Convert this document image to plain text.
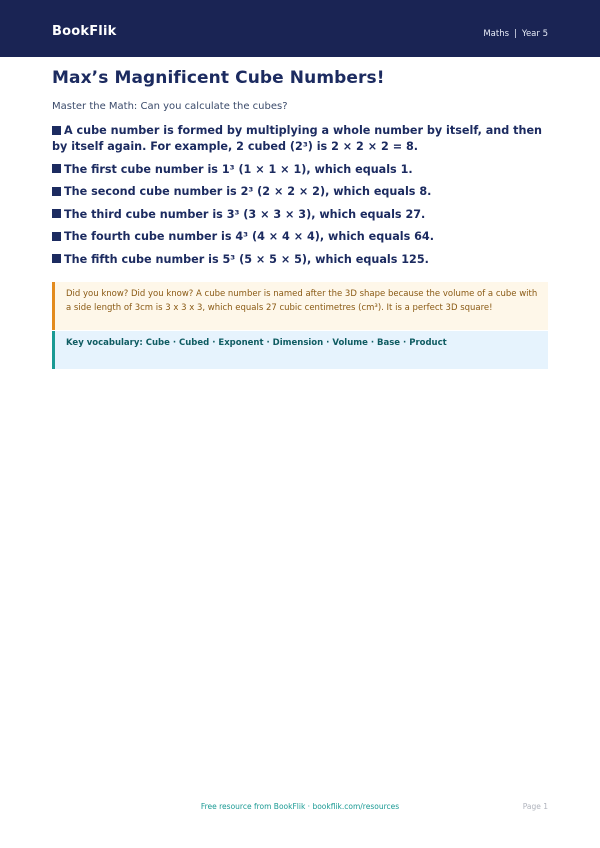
BookFlik	Maths | Year 5
Max’s Magnificent Cube Numbers!
Master the Math: Can you calculate the cubes?
A cube number is formed by multiplying a whole number by itself, and then by itself again. For example, 2 cubed (2³) is 2 × 2 × 2 = 8.
The first cube number is 1³ (1 × 1 × 1), which equals 1.
The second cube number is 2³ (2 × 2 × 2), which equals 8.
The third cube number is 3³ (3 × 3 × 3), which equals 27.
The fourth cube number is 4³ (4 × 4 × 4), which equals 64.
The fifth cube number is 5³ (5 × 5 × 5), which equals 125.
Did you know? Did you know? A cube number is named after the 3D shape because the volume of a cube with a side length of 3cm is 3 x 3 x 3, which equals 27 cubic centimetres (cm³). It is a perfect 3D square!
Key vocabulary: Cube · Cubed · Exponent · Dimension · Volume · Base · Product
Free resource from BookFlik · bookflik.com/resources	Page 1
